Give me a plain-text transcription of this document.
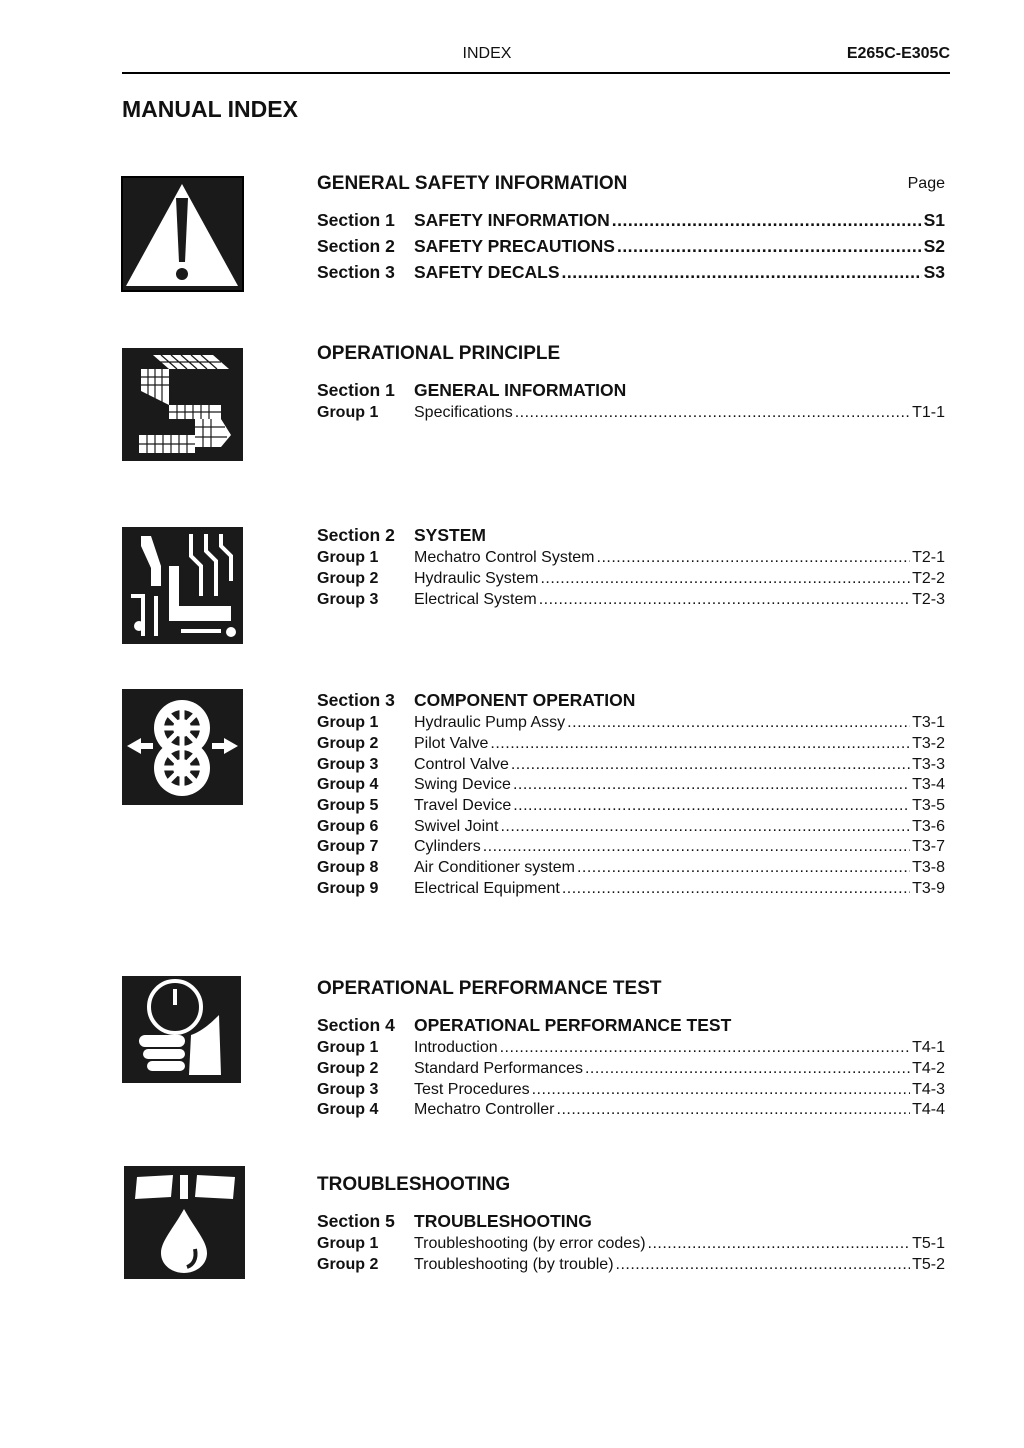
INDEX	E265C-E305C
MANUAL INDEX
GENERAL SAFETY INFORMATION	Page
Section 1	SAFETY INFORMATION .....	S1
Section 2	SAFETY PRECAUTIONS .....	S2
Section 3	SAFETY DECALS .....	S3
OPERATIONAL PRINCIPLE
Section 1	GENERAL INFORMATION
Group 1	Specifications .....	T1-1
Section 2	SYSTEM
Group 1	Mechatro Control System .....	T2-1
Group 2	Hydraulic System .....	T2-2
Group 3	Electrical System .....	T2-3
Section 3	COMPONENT OPERATION
Group 1	Hydraulic Pump Assy .....	T3-1
Group 2	Pilot Valve .....	T3-2
Group 3	Control Valve .....	T3-3
Group 4	Swing Device .....	T3-4
Group 5	Travel Device .....	T3-5
Group 6	Swivel Joint .....	T3-6
Group 7	Cylinders .....	T3-7
Group 8	Air Conditioner system .....	T3-8
Group 9	Electrical Equipment .....	T3-9
OPERATIONAL PERFORMANCE TEST
Section 4	OPERATIONAL PERFORMANCE TEST
Group 1	Introduction .....	T4-1
Group 2	Standard Performances .....	T4-2
Group 3	Test Procedures .....	T4-3
Group 4	Mechatro Controller .....	T4-4
TROUBLESHOOTING
Section 5	TROUBLESHOOTING
Group 1	Troubleshooting (by error codes) .....	T5-1
Group 2	Troubleshooting (by trouble) .....	T5-2
